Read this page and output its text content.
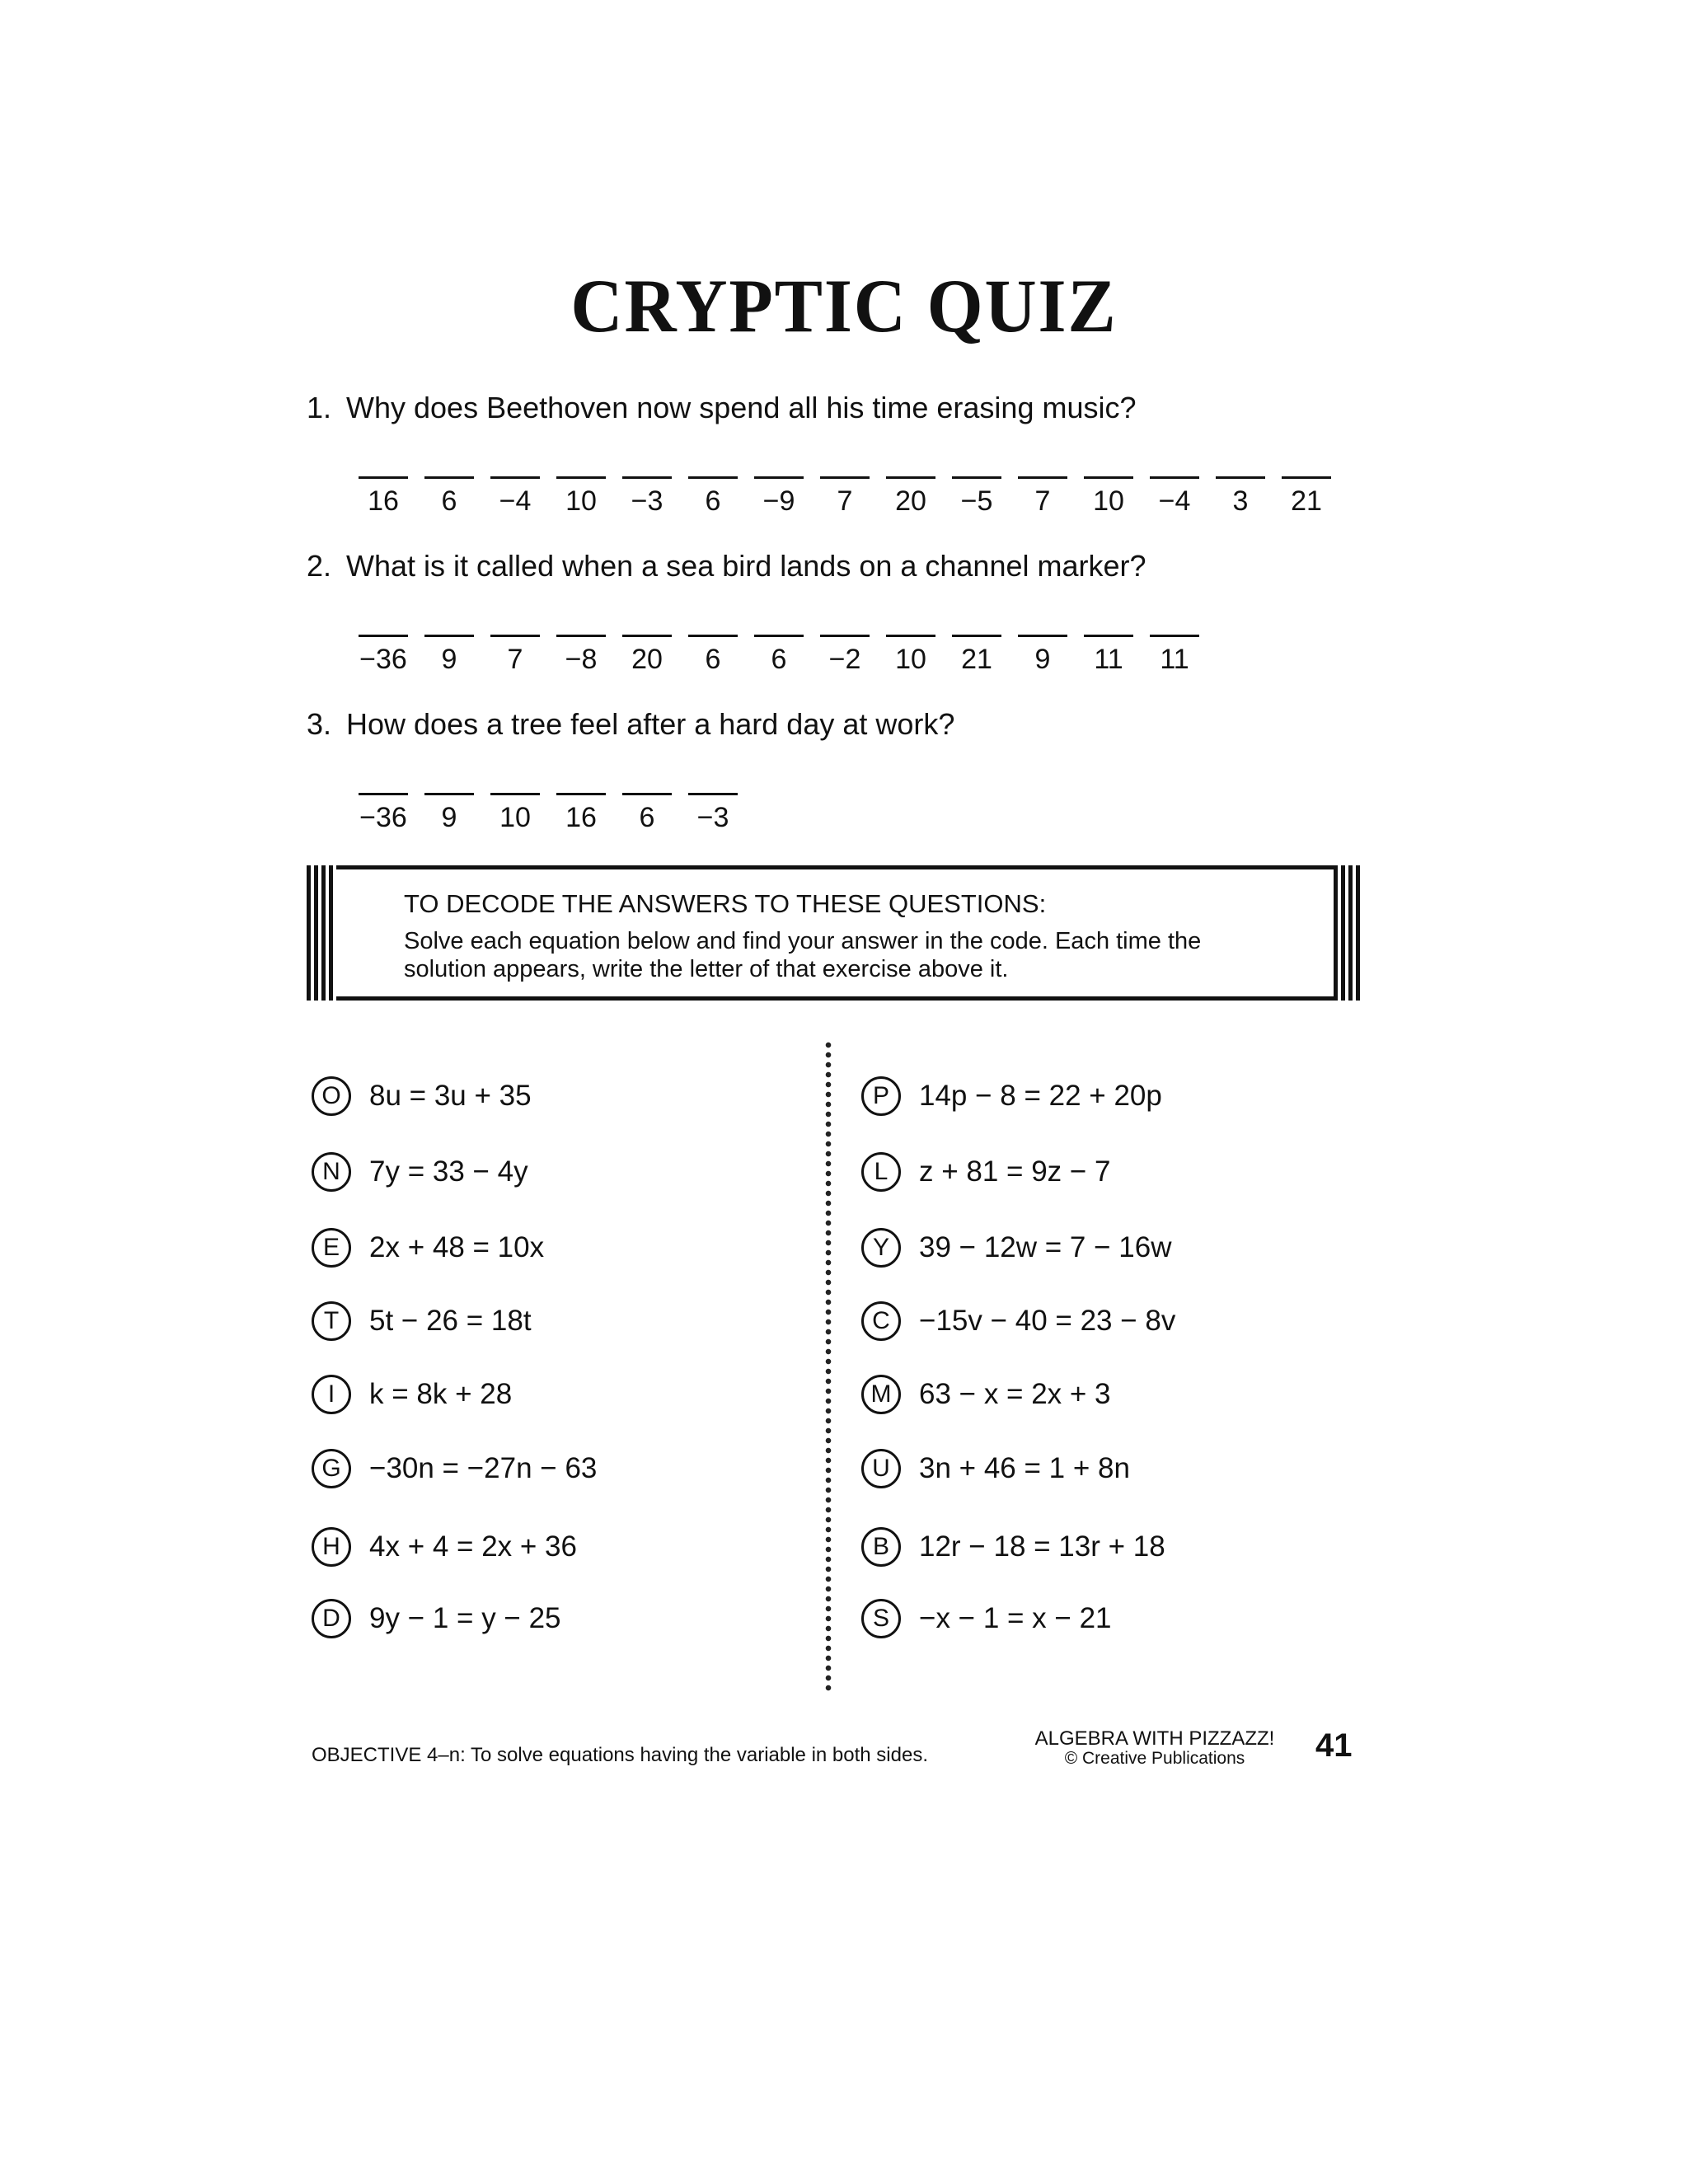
CRYPTIC QUIZ
1. Why does Beethoven now spend all his time erasing music?
16 6 −4 10 −3 6 −9 7 20 −5 7 10 −4 3 21
2. What is it called when a sea bird lands on a channel marker?
−36 9 7 −8 20 6 6 −2 10 21 9 11 11
3. How does a tree feel after a hard day at work?
−36 9 10 16 6 −3
TO DECODE THE ANSWERS TO THESE QUESTIONS:
Solve each equation below and find your answer in the code. Each time the solution appears, write the letter of that exercise above it.
O 8u = 3u + 35
N	7y = 33 − 4y
E	2x + 48 = 10x
T	5t − 26 = 18t
I	k = 8k + 28
G −30n = −27n − 63
H	4x + 4 = 2x + 36
D	9y − 1 = y − 25
P	14p − 8 = 22 + 20p
L	z + 81 = 9z − 7
Y	39 − 12w = 7 − 16w
C	−15v − 40 = 23 − 8v
M 63 − x = 2x + 3
U	3n + 46 = 1 + 8n
B	12r − 18 = 13r + 18
S	−x − 1 = x − 21
OBJECTIVE 4–n: To solve equations having the variable in both sides.
ALGEBRA WITH PIZZAZZ!
© Creative Publications	41
